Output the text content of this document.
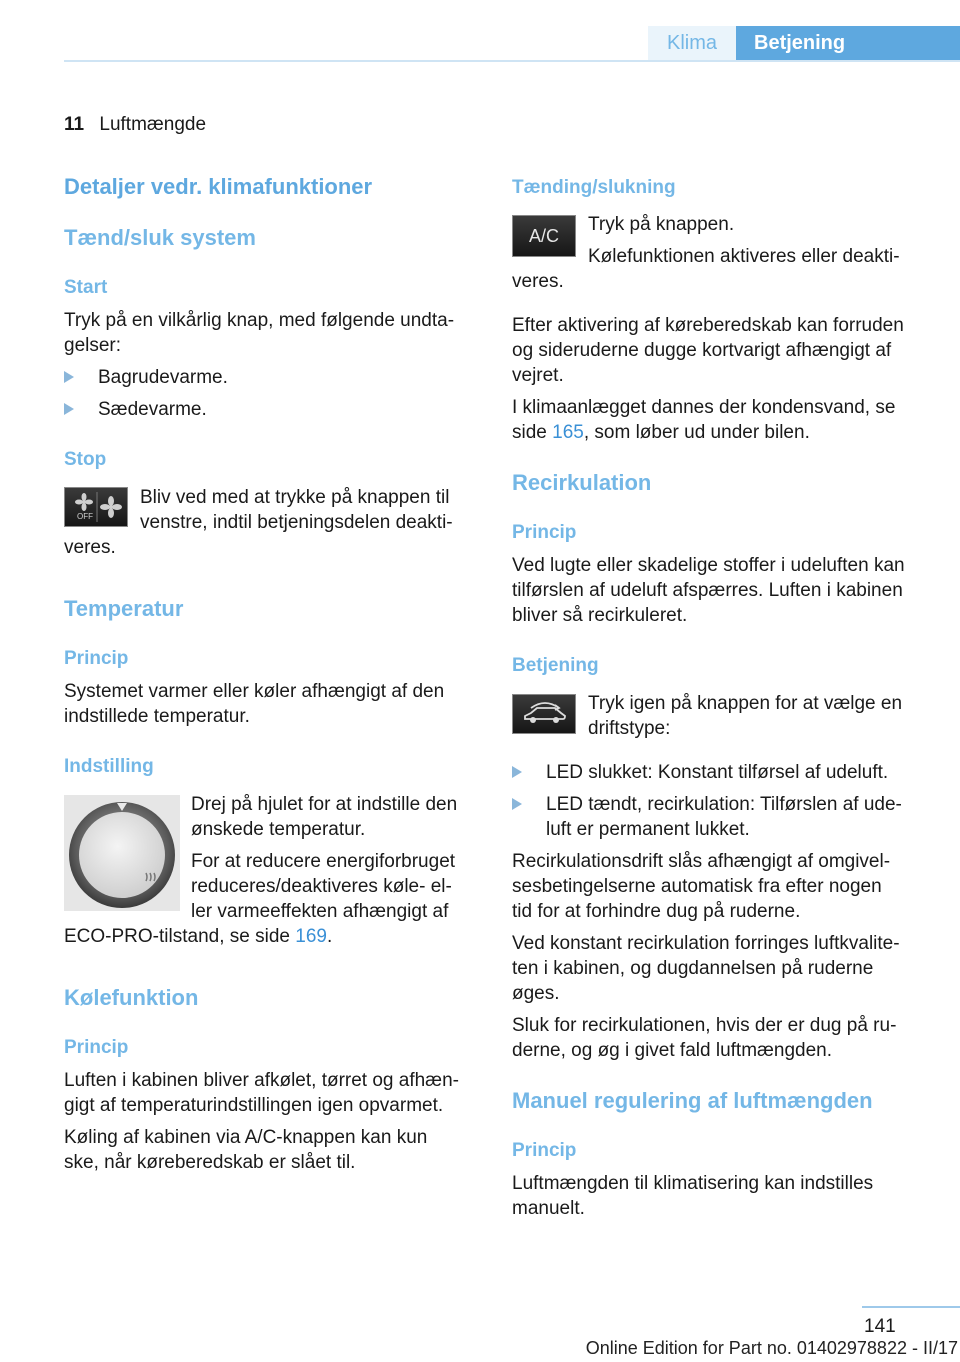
Klima	Betjening
11 Luftmængde
Detaljer vedr. klimafunktioner
Tænd/sluk system
Start
Tryk på en vilkårlig knap, med følgende undta-
gelser:
Bagrudevarme.
Sædevarme.
Stop
OFF
Bliv ved med at trykke på knappen til
venstre, indtil betjeningsdelen deakti-
veres.
Temperatur
Princip
Systemet varmer eller køler afhængigt af den
indstillede temperatur.
Indstilling
Drej på hjulet for at indstille den
ønskede temperatur.
For at reducere energiforbruget
reduceres/deaktiveres køle- el-
ler varmeeffekten afhængigt af
ECO-PRO-tilstand, se side 169.
Kølefunktion
Princip
Luften i kabinen bliver afkølet, tørret og afhæn-
gigt af temperaturindstillingen igen opvarmet.
Køling af kabinen via A/C-knappen kan kun
ske, når køreberedskab er slået til.
Tænding/slukning
A/C
Tryk på knappen.
Kølefunktionen aktiveres eller deakti-
veres.
Efter aktivering af køreberedskab kan forruden
og sideruderne dugge kortvarigt afhængigt af
vejret.
I klimaanlægget dannes der kondensvand, se
side 165, som løber ud under bilen.
Recirkulation
Princip
Ved lugte eller skadelige stoffer i udeluften kan
tilførslen af udeluft afspærres. Luften i kabinen
bliver så recirkuleret.
Betjening
Tryk igen på knappen for at vælge en
driftstype:
LED slukket: Konstant tilførsel af udeluft.
LED tændt, recirkulation: Tilførslen af ude-
luft er permanent lukket.
Recirkulationsdrift slås afhængigt af omgivel-
sesbetingelserne automatisk fra efter nogen
tid for at forhindre dug på ruderne.
Ved konstant recirkulation forringes luftkvalite-
ten i kabinen, og dugdannelsen på ruderne
øges.
Sluk for recirkulationen, hvis der er dug på ru-
derne, og øg i givet fald luftmængden.
Manuel regulering af luftmængden
Princip
Luftmængden til klimatisering kan indstilles
manuelt.
141
Online Edition for Part no. 01402978822 - II/17
